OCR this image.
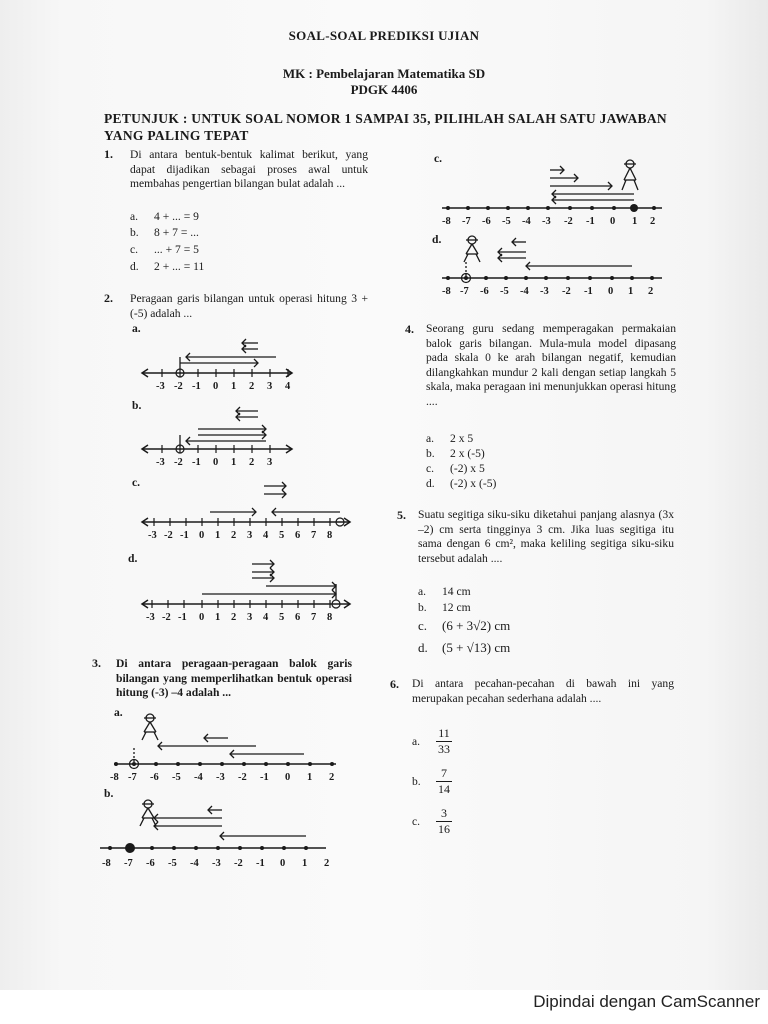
SOAL-SOAL PREDIKSI UJIAN
MK : Pembelajaran Matematika SD
PDGK 4406
PETUNJUK : UNTUK SOAL NOMOR 1 SAMPAI 35, PILIHLAH SALAH SATU JAWABAN YANG PALING TEPAT
1. Di antara bentuk-bentuk kalimat berikut, yang dapat dijadikan sebagai proses awal untuk membahas pengertian bilangan bulat adalah ...
a. 4 + ... = 9
b. 8 + 7 = ...
c. ... + 7 = 5
d. 2 + ... = 11
2. Peragaan garis bilangan untuk operasi hitung 3 + (-5) adalah ...
a.
b.
c.
d.
-3 -2 -1 0 1 2 3 4
-3 -2 -1 0 1 2 3
-3 -2 -1 0 1 2 3 4 5 6 7 8
-3 -2 -1 0 1 2 3 4 5 6 7 8
3. Di antara peragaan-peragaan balok garis bilangan yang memperlihatkan bentuk operasi hitung (-3) –4 adalah ...
a.
b.
-8 -7 -6 -5 -4 -3 -2 -1 0 1 2
-8 -7 -6 -5 -4 -3 -2 -1 0 1 2
c.
-8 -7 -6 -5 -4 -3 -2 -1 0 1 2
d.
-8 -7 -6 -5 -4 -3 -2 -1 0 1 2
4. Seorang guru sedang memperagakan permakaian balok garis bilangan. Mula-mula model dipasang pada skala 0 ke arah bilangan negatif, kemudian dilangkahkan mundur 2 kali dengan setiap langkah 5 skala, maka peragaan ini menunjukkan operasi hitung ....
a. 2 x 5
b. 2 x (-5)
c. (-2) x 5
d. (-2) x (-5)
5. Suatu segitiga siku-siku diketahui panjang alasnya (3x –2) cm serta tingginya 3 cm. Jika luas segitiga itu sama dengan 6 cm², maka keliling segitiga siku-siku tersebut adalah ....
a. 14 cm
b. 12 cm
c. (6 + 3√2) cm
d. (5 + √13) cm
6. Di antara pecahan-pecahan di bawah ini yang merupakan pecahan sederhana adalah ....
a. $\frac{11}{33}$
b. $\frac{7}{14}$
c. $\frac{3}{16}$
Dipindai dengan CamScanner
